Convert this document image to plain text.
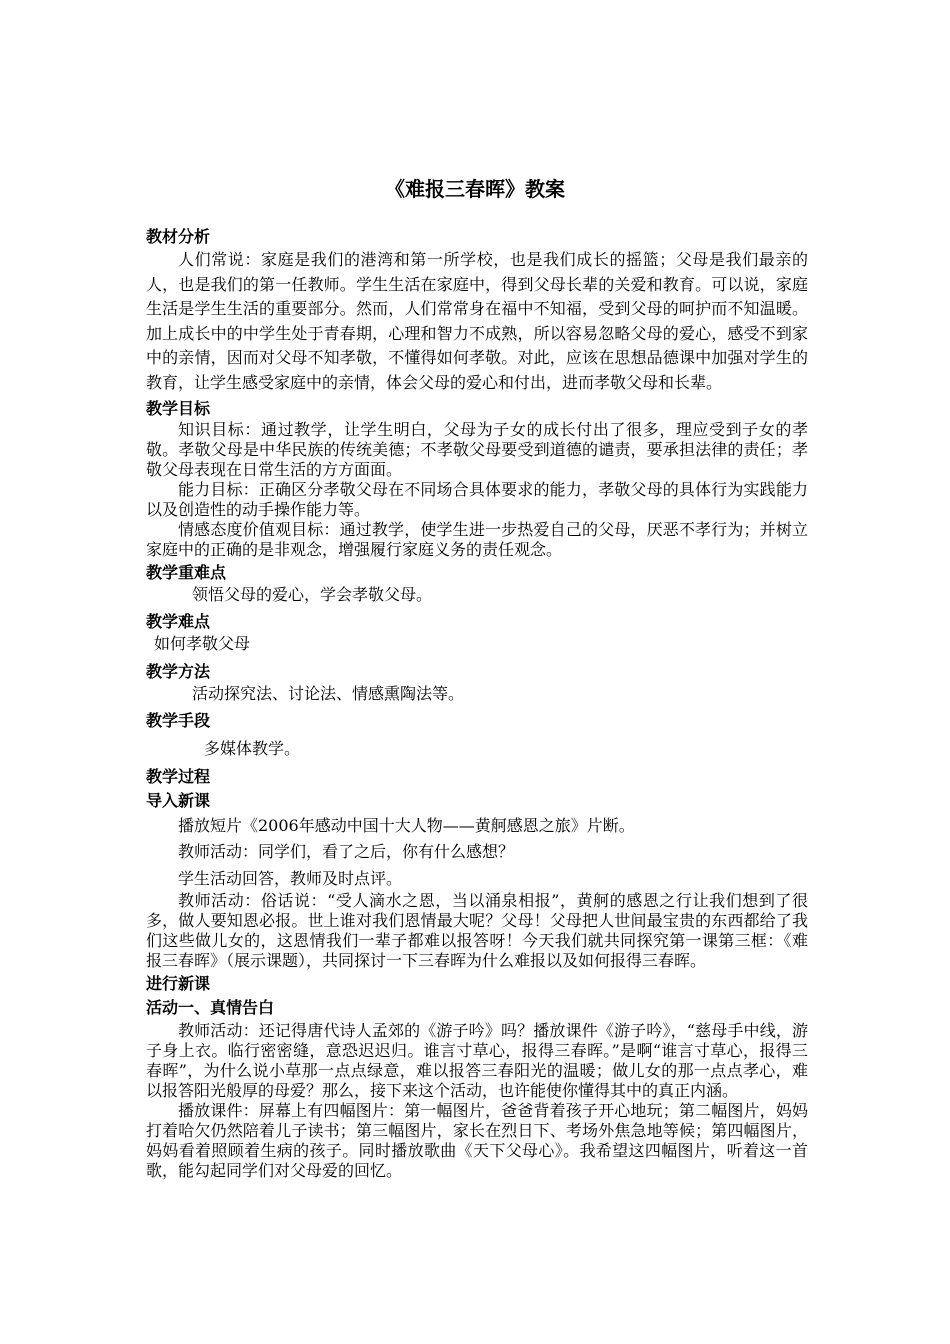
《难报三春晖》教案
教材分析

人们常说：家庭是我们的港湾和第一所学校，也是我们成长的摇篮；父母是我们最亲的人，也是我们的第一任教师。学生生活在家庭中，得到父母长辈的关爱和教育。可以说，家庭生活是学生生活的重要部分。然而，人们常常身在福中不知福，受到父母的呵护而不知温暖。加上成长中的中学生处于青春期，心理和智力不成熟，所以容易忽略父母的爱心，感受不到家中的亲情，因而对父母不知孝敬，不懂得如何孝敬。对此，应该在思想品德课中加强对学生的教育，让学生感受家庭中的亲情，体会父母的爱心和付出，进而孝敬父母和长辈。

教学目标

知识目标：通过教学，让学生明白，父母为子女的成长付出了很多，理应受到子女的孝敬。孝敬父母是中华民族的传统美德；不孝敬父母要受到道德的谴责，要承担法律的责任；孝敬父母表现在日常生活的方方面面。

能力目标：正确区分孝敬父母在不同场合具体要求的能力，孝敬父母的具体行为实践能力以及创造性的动手操作能力等。

情感态度价值观目标：通过教学，使学生进一步热爱自己的父母，厌恶不孝行为；并树立家庭中的正确的是非观念，增强履行家庭义务的责任观念。

教学重难点

领悟父母的爱心，学会孝敬父母。

教学难点

如何孝敬父母

教学方法

活动探究法、讨论法、情感熏陶法等。

教学手段

多媒体教学。

教学过程
导入新课

播放短片《2006年感动中国十大人物——黄舸感恩之旅》片断。

教师活动：同学们，看了之后，你有什么感想？

学生活动回答，教师及时点评。

教师活动：俗话说：“受人滴水之恩，当以涌泉相报”，黄舸的感恩之行让我们想到了很多，做人要知恩必报。世上谁对我们恩情最大呢？父母！父母把人世间最宝贵的东西都给了我们这些做儿女的，这恩情我们一辈子都难以报答呀！今天我们就共同探究第一课第三框：《难报三春晖》（展示课题），共同探讨一下三春晖为什么难报以及如何报得三春晖。

进行新课
活动一、真情告白

教师活动：还记得唐代诗人孟郊的《游子吟》吗？播放课件《游子吟》，“慈母手中线，游子身上衣。临行密密缝，意恐迟迟归。谁言寸草心，报得三春晖。”是啊“谁言寸草心，报得三春晖”，为什么说小草那一点点绿意，难以报答三春阳光的温暖；做儿女的那一点点孝心，难以报答阳光般厚的母爱？那么，接下来这个活动，也许能使你懂得其中的真正内涵。

播放课件：屏幕上有四幅图片：第一幅图片，爸爸背着孩子开心地玩；第二幅图片，妈妈打着哈欠仍然陪着儿子读书；第三幅图片，家长在烈日下、考场外焦急地等候；第四幅图片，妈妈看着照顾着生病的孩子。同时播放歌曲《天下父母心》。我希望这四幅图片，听着这一首歌，能勾起同学们对父母爱的回忆。
